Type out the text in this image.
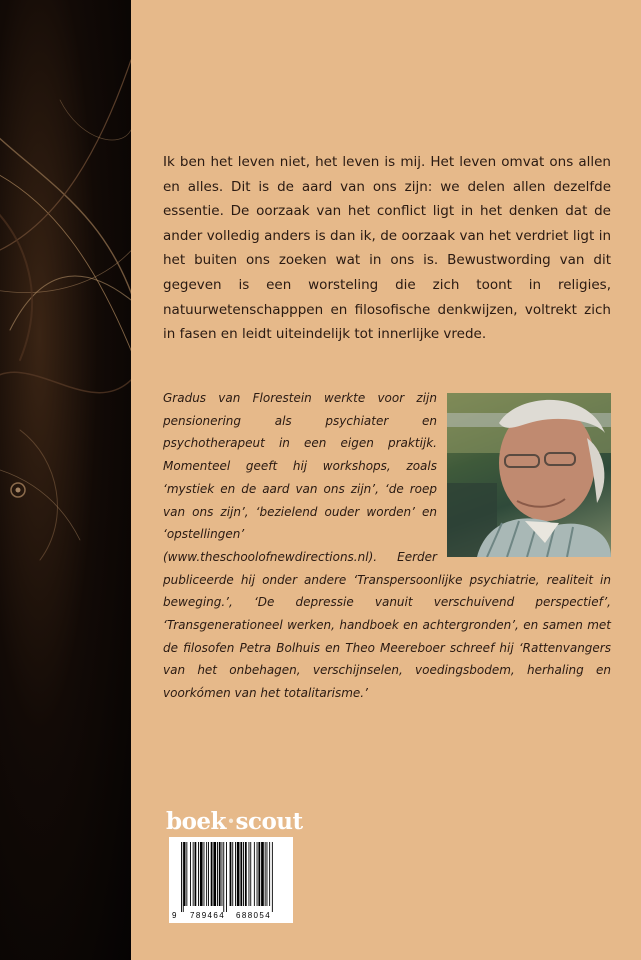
Ik ben het leven niet, het leven is mij. Het leven omvat ons allen en alles. Dit is de aard van ons zijn: we delen allen dezelfde essentie. De oorzaak van het conflict ligt in het denken dat de ander volledig anders is dan ik, de oorzaak van het verdriet ligt in het buiten ons zoeken wat in ons is. Bewustwording van dit gegeven is een worsteling die zich toont in religies, natuurwetenschapppen en filosofische denkwijzen, voltrekt zich in fasen en leidt uiteindelijk tot innerlijke vrede.

Gradus van Florestein werkte voor zijn pensionering als psychiater en psychotherapeut in een eigen praktijk. Momenteel geeft hij workshops, zoals ‘mystiek en de aard van ons zijn’, ‘de roep van ons zijn’, ‘bezielend ouder worden’ en ‘opstellingen’ (www.theschoolofnewdirections.nl). Eerder publiceerde hij onder andere ‘Transpersoonlijke psychiatrie, realiteit in beweging.’, ‘De depressie vanuit verschuivend perspectief’, ‘Transgenerationeel werken, handboek en achtergronden’, en samen met de filosofen Petra Bolhuis en Theo Meereboer schreef hij ‘Rattenvangers van het onbehagen, verschijnselen, voedingsbodem, herhaling en voorkómen van het totalitarisme.’
boek·scout
9 789464 688054
